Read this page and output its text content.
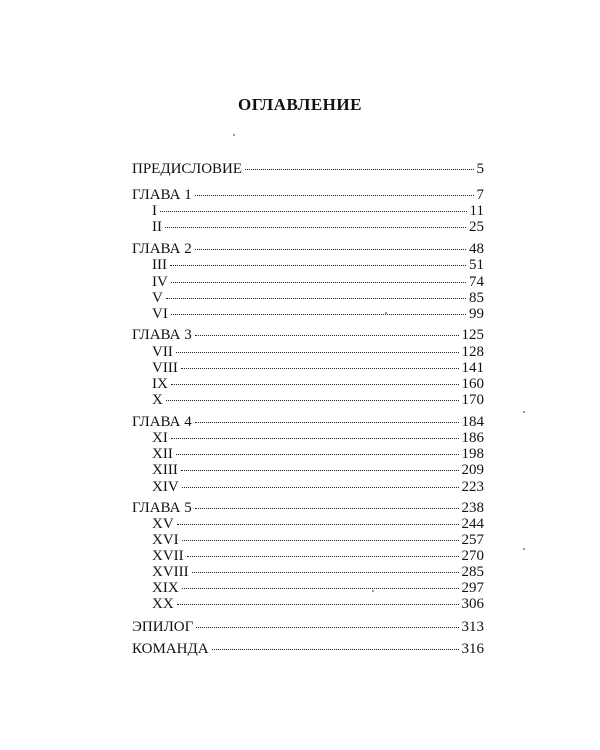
ОГЛАВЛЕНИЕ
ПРЕДИСЛОВИЕ	5
ГЛАВА 1	7
I	11
II	25
ГЛАВА 2	48
III	51
IV	74
V	85
VI	99
ГЛАВА 3	125
VII	128
VIII	141
IX	160
X	170
ГЛАВА 4	184
XI	186
XII	198
XIII	209
XIV	223
ГЛАВА 5	238
XV	244
XVI	257
XVII	270
XVIII	285
XIX	297
XX	306
ЭПИЛОГ	313
КОМАНДА	316
